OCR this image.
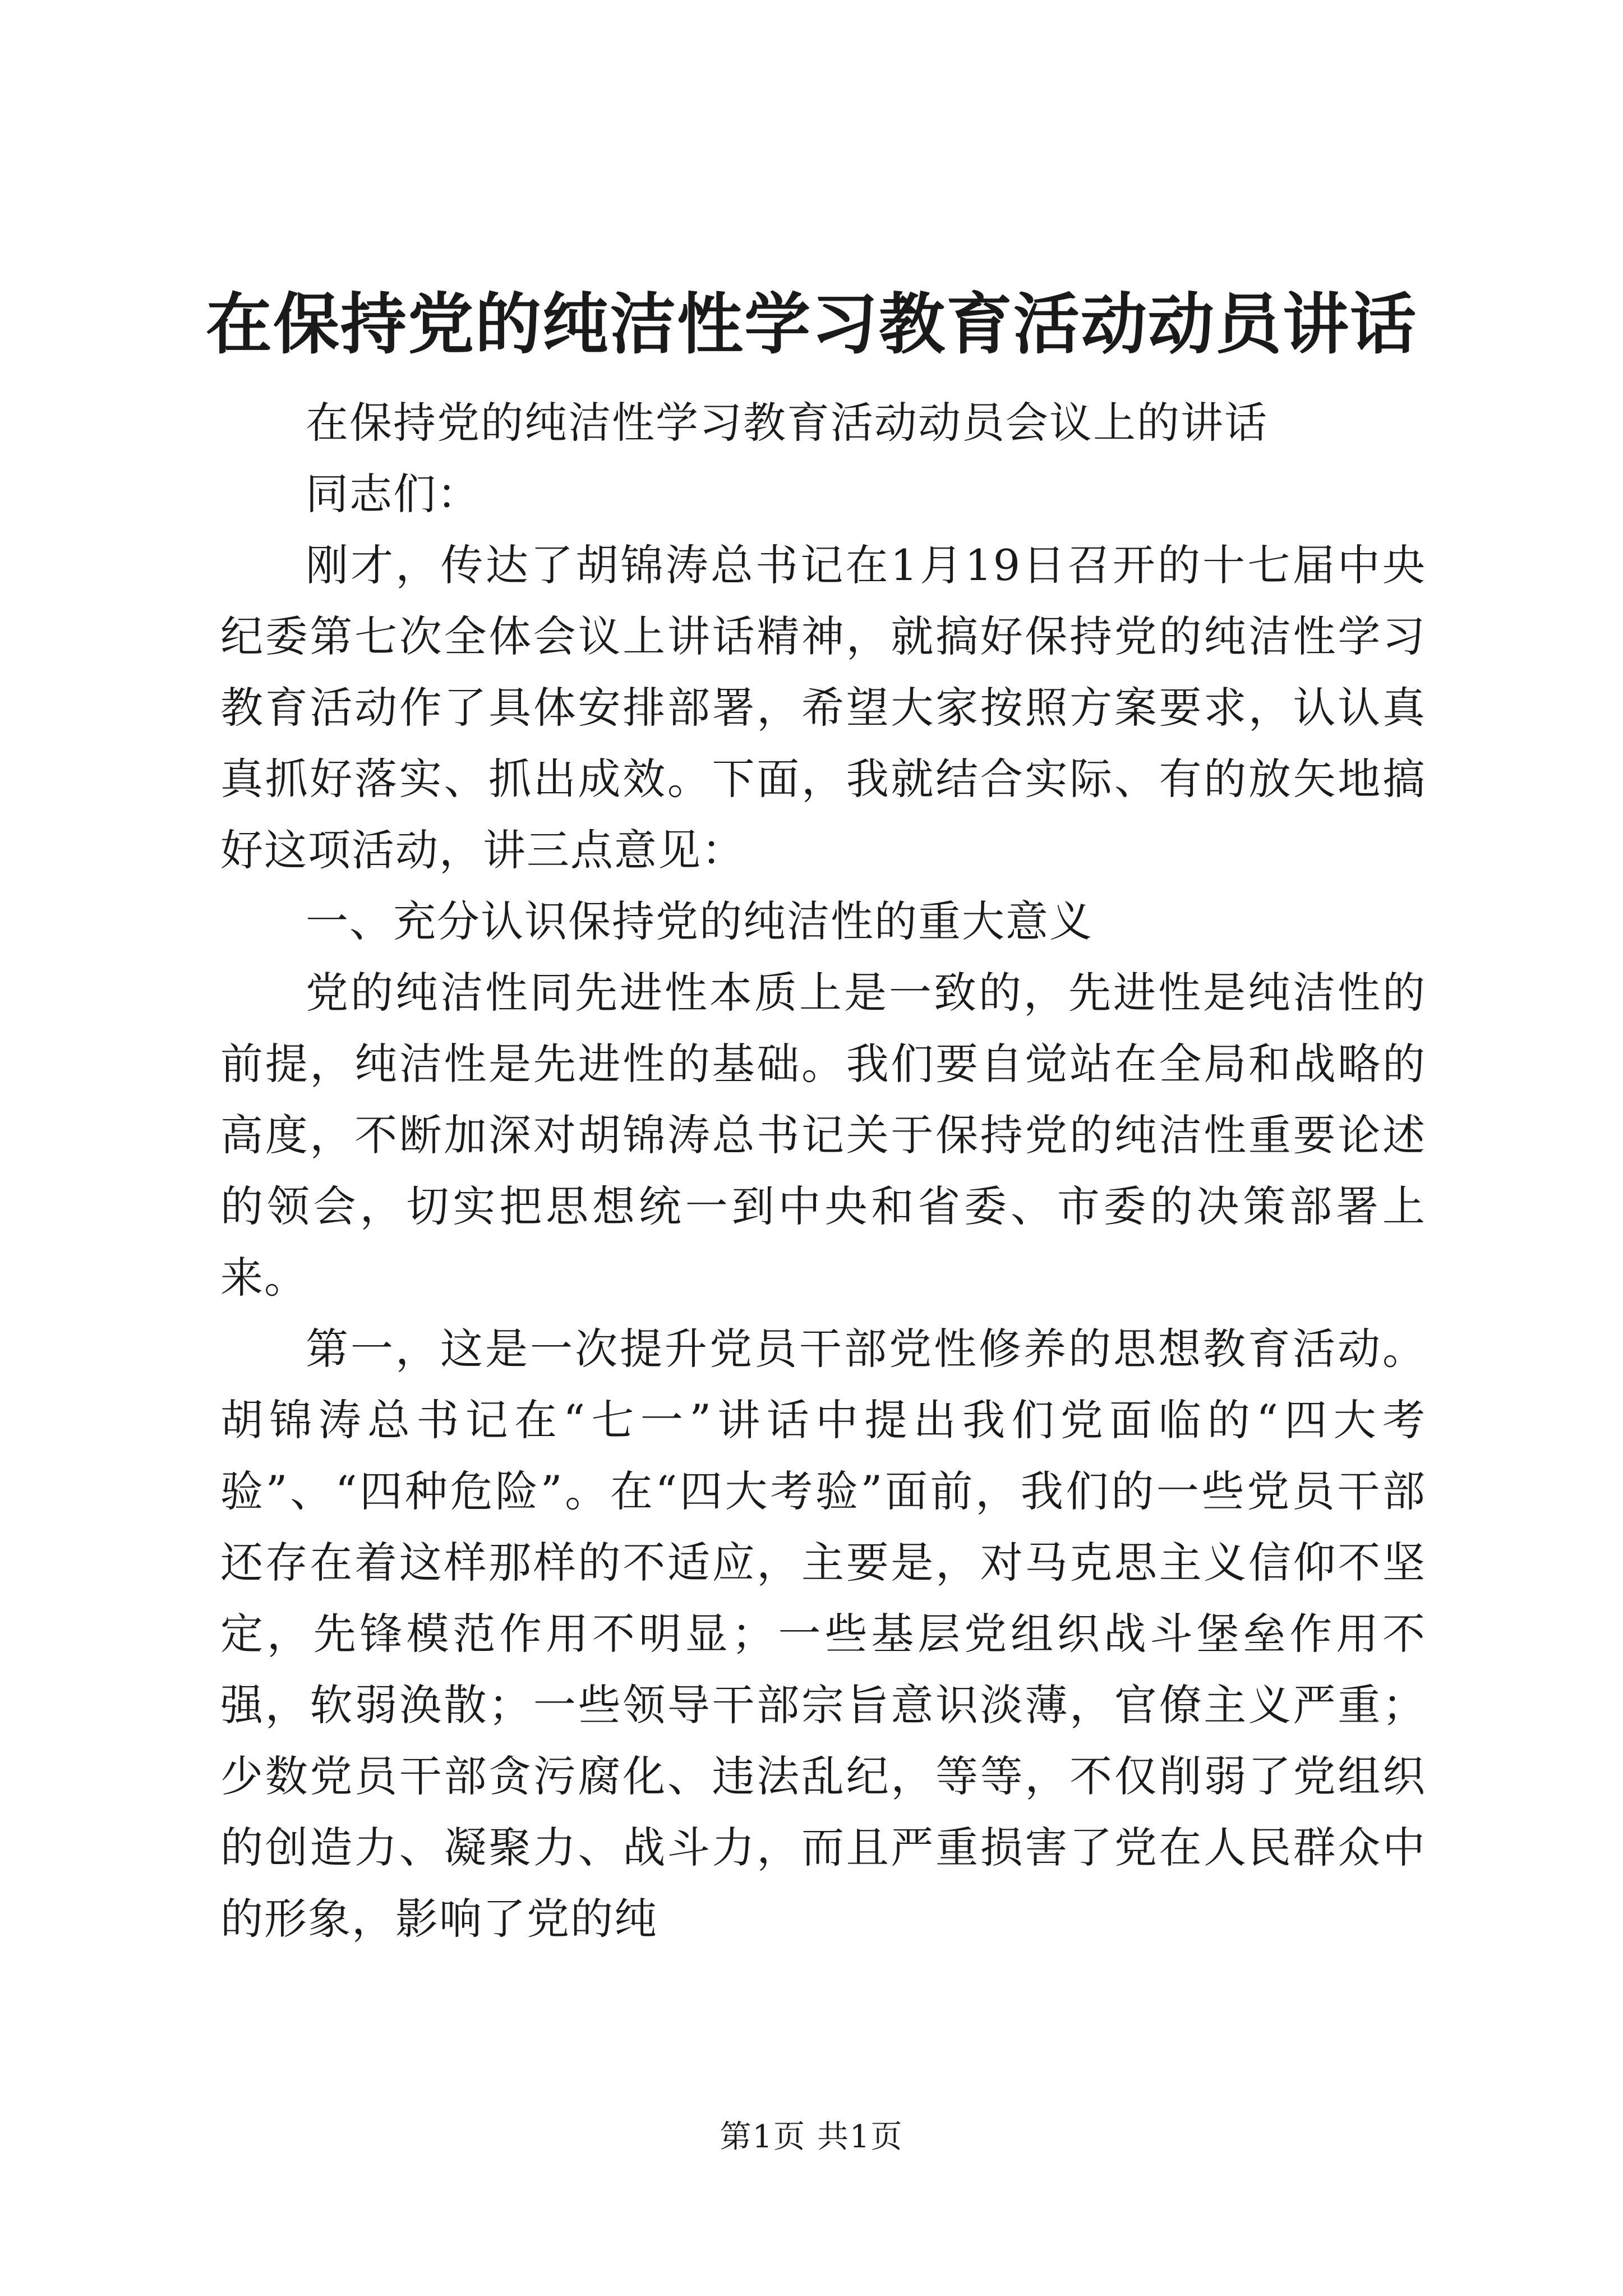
在保持党的纯洁性学习教育活动动员讲话

在保持党的纯洁性学习教育活动动员会议上的讲话

同志们：

刚才，传达了胡锦涛总书记在1月19日召开的十七届中央纪委第七次全体会议上讲话精神，就搞好保持党的纯洁性学习教育活动作了具体安排部署，希望大家按照方案要求，认认真真抓好落实、抓出成效。下面，我就结合实际、有的放矢地搞好这项活动，讲三点意见：

一、充分认识保持党的纯洁性的重大意义

党的纯洁性同先进性本质上是一致的，先进性是纯洁性的前提，纯洁性是先进性的基础。我们要自觉站在全局和战略的高度，不断加深对胡锦涛总书记关于保持党的纯洁性重要论述的领会，切实把思想统一到中央和省委、市委的决策部署上来。

第一，这是一次提升党员干部党性修养的思想教育活动。胡锦涛总书记在“七一”讲话中提出我们党面临的“四大考验”、“四种危险”。在“四大考验”面前，我们的一些党员干部还存在着这样那样的不适应，主要是，对马克思主义信仰不坚定，先锋模范作用不明显；一些基层党组织战斗堡垒作用不强，软弱涣散；一些领导干部宗旨意识淡薄，官僚主义严重；少数党员干部贪污腐化、违法乱纪，等等，不仅削弱了党组织的创造力、凝聚力、战斗力，而且严重损害了党在人民群众中的形象，影响了党的纯

第1页 共1页
